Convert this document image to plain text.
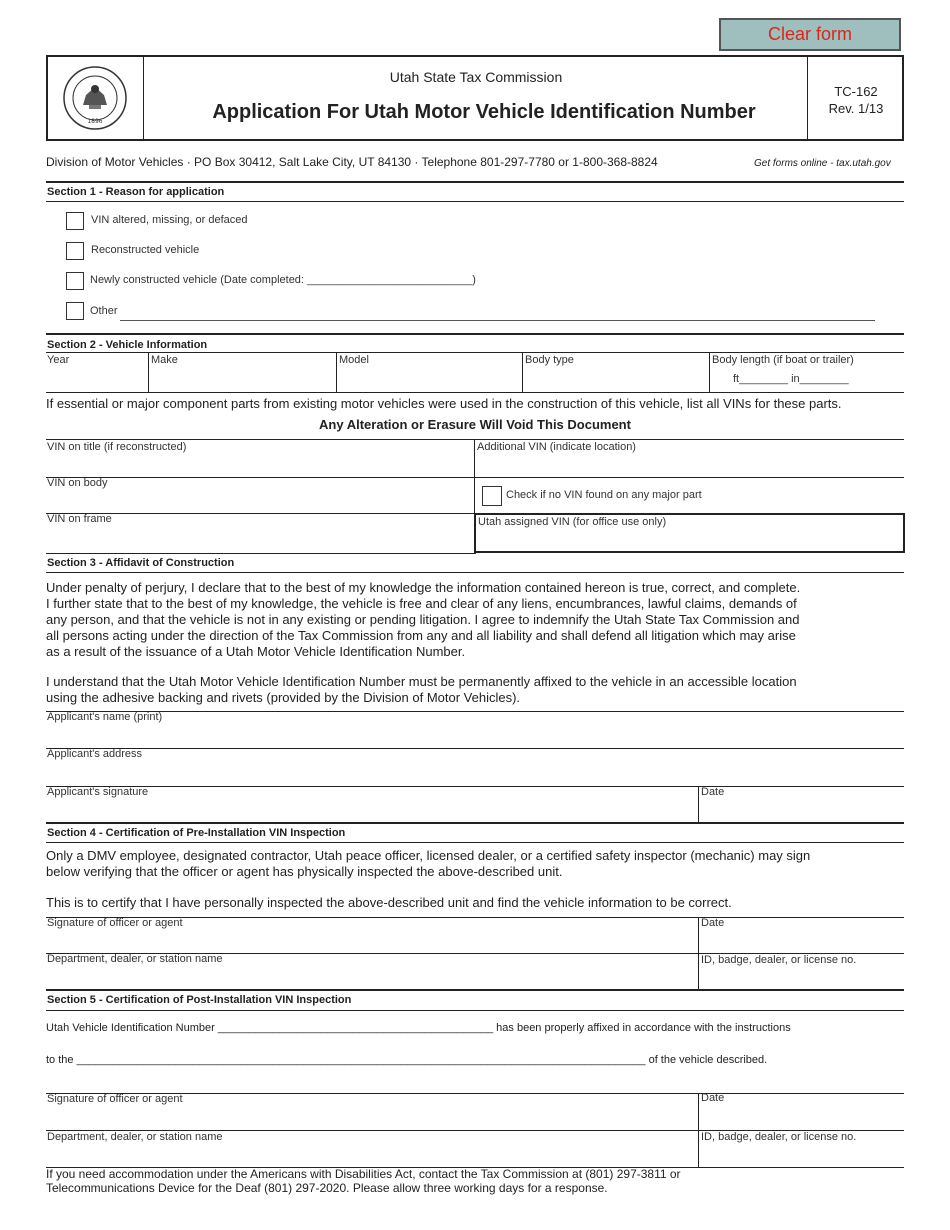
Clear form
1896
Utah State Tax Commission
Application For Utah Motor Vehicle Identification Number
TC-162
Rev. 1/13
Division of Motor Vehicles · PO Box 30412, Salt Lake City, UT 84130 · Telephone 801-297-7780 or 1-800-368-8824	Get forms online - tax.utah.gov
Section 1 - Reason for application
VIN altered, missing, or defaced
Reconstructed vehicle
Newly constructed vehicle (Date completed: ___________________________)
Other
Section 2 - Vehicle Information
Year	Make	Model	Body type	Body length (if boat or trailer)
ft________ in________
If essential or major component parts from existing motor vehicles were used in the construction of this vehicle, list all VINs for these parts.
Any Alteration or Erasure Will Void This Document
VIN on title (if reconstructed)	Additional VIN (indicate location)
VIN on body
Check if no VIN found on any major part
VIN on frame	Utah assigned VIN (for office use only)
Section 3 - Affidavit of Construction
Under penalty of perjury, I declare that to the best of my knowledge the information contained hereon is true, correct, and complete.
I further state that to the best of my knowledge, the vehicle is free and clear of any liens, encumbrances, lawful claims, demands of
any person, and that the vehicle is not in any existing or pending litigation. I agree to indemnify the Utah State Tax Commission and
all persons acting under the direction of the Tax Commission from any and all liability and shall defend all litigation which may arise
as a result of the issuance of a Utah Motor Vehicle Identification Number.
I understand that the Utah Motor Vehicle Identification Number must be permanently affixed to the vehicle in an accessible location
using the adhesive backing and rivets (provided by the Division of Motor Vehicles).
Applicant's name (print)
Applicant's address
Applicant's signature	Date
Section 4 - Certification of Pre-Installation VIN Inspection
Only a DMV employee, designated contractor, Utah peace officer, licensed dealer, or a certified safety inspector (mechanic) may sign
below verifying that the officer or agent has physically inspected the above-described unit.
This is to certify that I have personally inspected the above-described unit and find the vehicle information to be correct.
Signature of officer or agent	Date
Department, dealer, or station name	ID, badge, dealer, or license no.
Section 5 - Certification of Post-Installation VIN Inspection
Utah Vehicle Identification Number _____________________________________________ has been properly affixed in accordance with the instructions
to the _____________________________________________________________________________________________ of the vehicle described.
Signature of officer or agent	Date
Department, dealer, or station name	ID, badge, dealer, or license no.
If you need accommodation under the Americans with Disabilities Act, contact the Tax Commission at (801) 297-3811 or
Telecommunications Device for the Deaf (801) 297-2020. Please allow three working days for a response.
